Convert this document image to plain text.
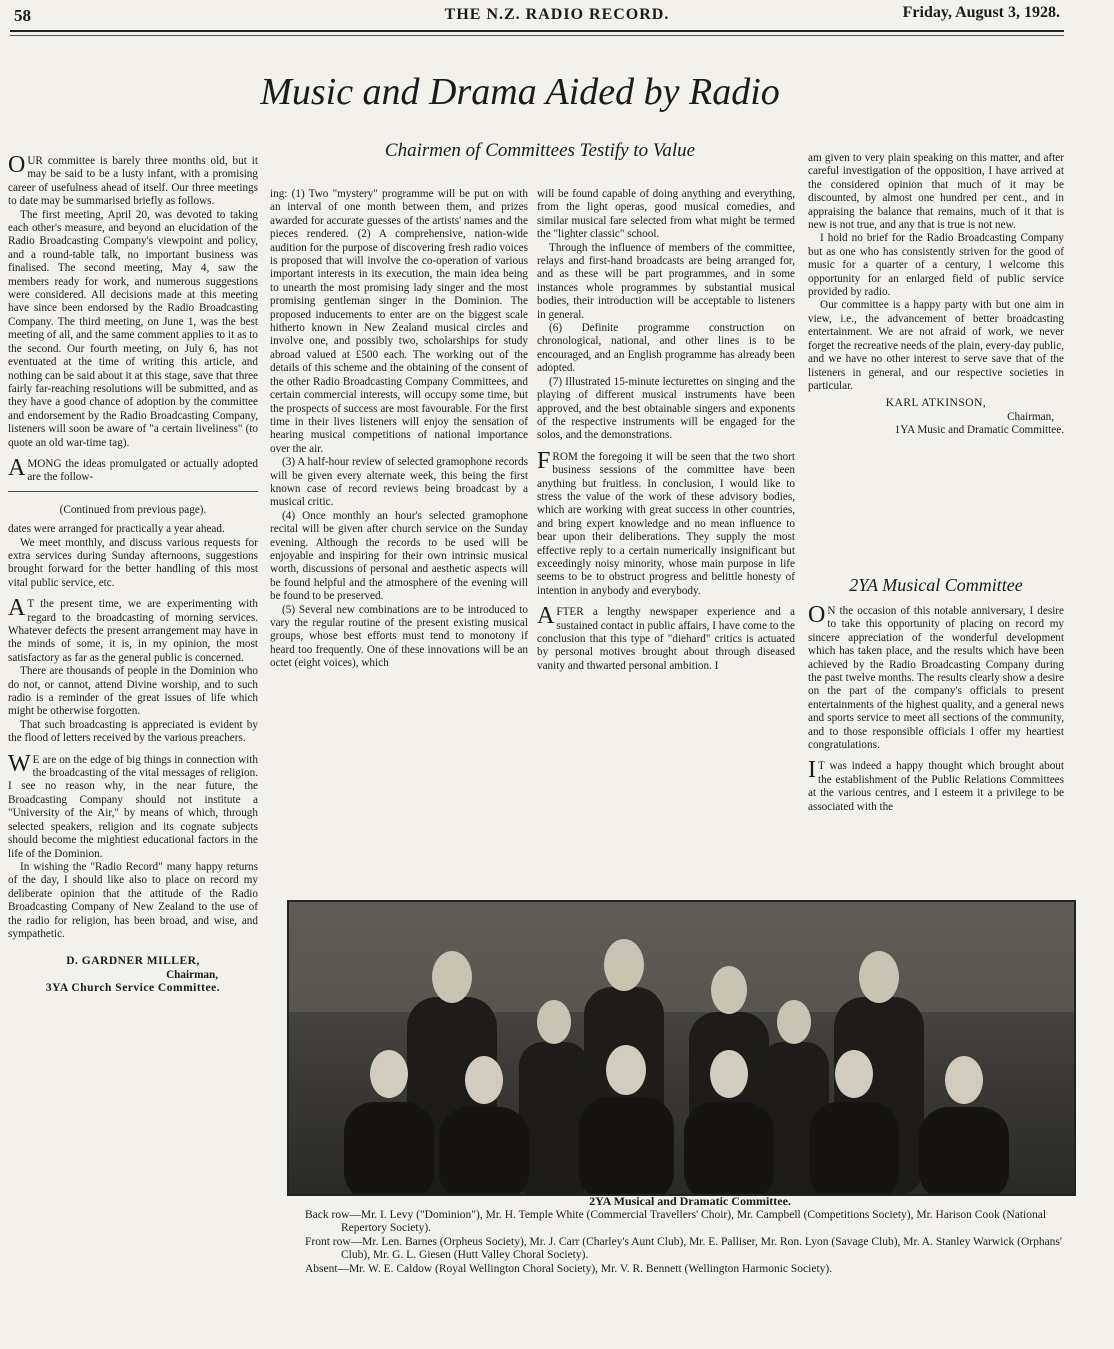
58	THE N.Z. RADIO RECORD.	Friday, August 3, 1928.
Music and Drama Aided by Radio
Chairmen of Committees Testify to Value

OUR committee is barely three months old, but it may be said to be a lusty infant, with a promising career of usefulness ahead of itself. Our three meetings to date may be summarised briefly as follows.

The first meeting, April 20, was devoted to taking each other's measure, and beyond an elucidation of the Radio Broadcasting Company's viewpoint and policy, and a round-table talk, no important business was finalised. The second meeting, May 4, saw the members ready for work, and numerous suggestions were considered. All decisions made at this meeting have since been endorsed by the Radio Broadcasting Company. The third meeting, on June 1, was the best meeting of all, and the same comment applies to it as to the second. Our fourth meeting, on July 6, has not eventuated at the time of writing this article, and nothing can be said about it at this stage, save that three fairly far-reaching resolutions will be submitted, and as they have a good chance of adoption by the committee and endorsement by the Radio Broadcasting Company, listeners will soon be aware of "a certain liveliness" (to quote an old war-time tag).

AMONG the ideas promulgated or actually adopted are the follow-

(Continued from previous page).

dates were arranged for practically a year ahead.

We meet monthly, and discuss various requests for extra services during Sunday afternoons, suggestions brought forward for the better handling of this most vital public service, etc.

AT the present time, we are experimenting with regard to the broadcasting of morning services. Whatever defects the present arrangement may have in the minds of some, it is, in my opinion, the most satisfactory as far as the general public is concerned.

There are thousands of people in the Dominion who do not, or cannot, attend Divine worship, and to such radio is a reminder of the great issues of life which might be otherwise forgotten.

That such broadcasting is appreciated is evident by the flood of letters received by the various preachers.

WE are on the edge of big things in connection with the broadcasting of the vital messages of religion. I see no reason why, in the near future, the Broadcasting Company should not institute a "University of the Air," by means of which, through selected speakers, religion and its cognate subjects should become the mightiest educational factors in the life of the Dominion.

In wishing the "Radio Record" many happy returns of the day, I should like also to place on record my deliberate opinion that the attitude of the Radio Broadcasting Company of New Zealand to the use of the radio for religion, has been broad, and wise, and sympathetic.

D. GARDNER MILLER,
Chairman,
3YA Church Service Committee.

ing: (1) Two "mystery" programme will be put on with an interval of one month between them, and prizes awarded for accurate guesses of the artists' names and the pieces rendered. (2) A comprehensive, nation-wide audition for the purpose of discovering fresh radio voices is proposed that will involve the co-operation of various important interests in its execution, the main idea being to unearth the most promising lady singer and the most promising gentleman singer in the Dominion. The proposed inducements to enter are on the biggest scale hitherto known in New Zealand musical circles and involve one, and possibly two, scholarships for study abroad valued at £500 each. The working out of the details of this scheme and the obtaining of the consent of the other Radio Broadcasting Company Committees, and certain commercial interests, will occupy some time, but the prospects of success are most favourable. For the first time in their lives listeners will enjoy the sensation of hearing musical competitions of national importance over the air.

(3) A half-hour review of selected gramophone records will be given every alternate week, this being the first known case of record reviews being broadcast by a musical critic.

(4) Once monthly an hour's selected gramophone recital will be given after church service on the Sunday evening. Although the records to be used will be enjoyable and inspiring for their own intrinsic musical worth, discussions of personal and aesthetic aspects will be found helpful and the atmosphere of the evening will be found to be preserved.

(5) Several new combinations are to be introduced to vary the regular routine of the present existing musical groups, whose best efforts must tend to monotony if heard too frequently. One of these innovations will be an octet (eight voices), which

will be found capable of doing anything and everything, from the light operas, good musical comedies, and similar musical fare selected from what might be termed the "lighter classic" school.

Through the influence of members of the committee, relays and first-hand broadcasts are being arranged for, and as these will be part programmes, and in some instances whole programmes by substantial musical bodies, their introduction will be acceptable to listeners in general.

(6) Definite programme construction on chronological, national, and other lines is to be encouraged, and an English programme has already been adopted.

(7) Illustrated 15-minute lecturettes on singing and the playing of different musical instruments have been approved, and the best obtainable singers and exponents of the respective instruments will be engaged for the solos, and the demonstrations.

FROM the foregoing it will be seen that the two short business sessions of the committee have been anything but fruitless. In conclusion, I would like to stress the value of the work of these advisory bodies, which are working with great success in other countries, and bring expert knowledge and no mean influence to bear upon their deliberations. They supply the most effective reply to a certain numerically insignificant but exceedingly noisy minority, whose main purpose in life seems to be to obstruct progress and belittle honesty of intention in anybody and everybody.

AFTER a lengthy newspaper experience and a sustained contact in public affairs, I have come to the conclusion that this type of "diehard" critics is actuated by personal motives brought about through diseased vanity and thwarted personal ambition. I

am given to very plain speaking on this matter, and after careful investigation of the opposition, I have arrived at the considered opinion that much of it may be discounted, by almost one hundred per cent., and in appraising the balance that remains, much of it that is new is not true, and any that is true is not new.

I hold no brief for the Radio Broadcasting Company but as one who has consistently striven for the good of music for a quarter of a century, I welcome this opportunity for an enlarged field of public service provided by radio.

Our committee is a happy party with but one aim in view, i.e., the advancement of better broadcasting entertainment. We are not afraid of work, we never forget the recreative needs of the plain, every-day public, and we have no other interest to serve save that of the listeners in general, and our respective societies in particular.

KARL ATKINSON,
Chairman,
1YA Music and Dramatic Committee.
2YA Musical Committee

ON the occasion of this notable anniversary, I desire to take this opportunity of placing on record my sincere appreciation of the wonderful development which has taken place, and the results which have been achieved by the Radio Broadcasting Company during the past twelve months. The results clearly show a desire on the part of the company's officials to present entertainments of the highest quality, and a general news and sports service to meet all sections of the community, and to those responsible officials I offer my heartiest congratulations.

IT was indeed a happy thought which brought about the establishment of the Public Relations Committees at the various centres, and I esteem it a privilege to be associated with the

2YA Musical and Dramatic Committee.

Back row—Mr. I. Levy ("Dominion"), Mr. H. Temple White (Commercial Travellers' Choir), Mr. Campbell (Competitions Society), Mr. Harison Cook (National Repertory Society).

Front row—Mr. Len. Barnes (Orpheus Society), Mr. J. Carr (Charley's Aunt Club), Mr. E. Palliser, Mr. Ron. Lyon (Savage Club), Mr. A. Stanley Warwick (Orphans' Club), Mr. G. L. Giesen (Hutt Valley Choral Society).

Absent—Mr. W. E. Caldow (Royal Wellington Choral Society), Mr. V. R. Bennett (Wellington Harmonic Society).
